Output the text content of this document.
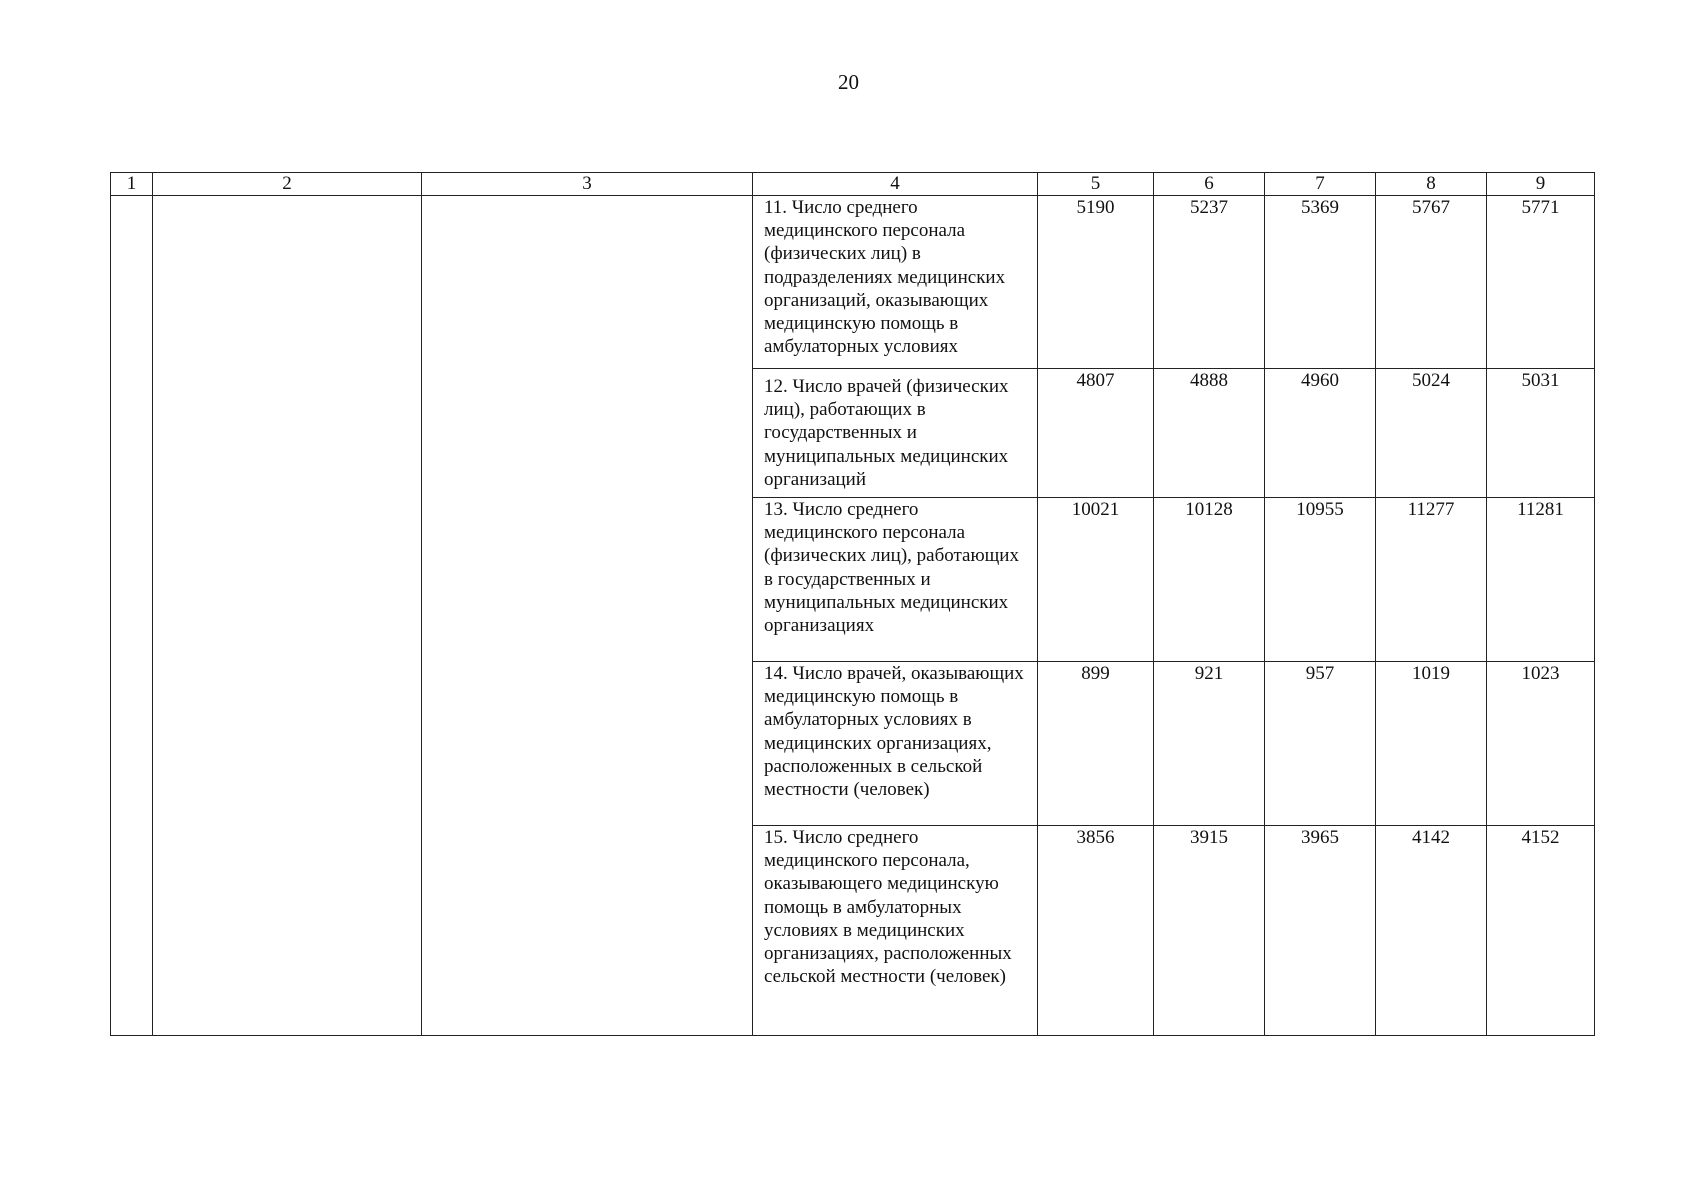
20
1	2	3	4	5	6	7	8	9

			11. Число среднего медицинского персонала (физических лиц) в подразделениях медицинских организаций, оказывающих медицинскую помощь в амбулаторных условиях	5190	5237	5369	5767	5771

			12. Число врачей (физических лиц), работающих в государственных и муниципальных медицинских организаций	4807	4888	4960	5024	5031

			13. Число среднего медицинского персонала (физических лиц), работающих в государственных и муниципальных медицинских организациях	10021	10128	10955	11277	11281

			14. Число врачей, оказывающих медицинскую помощь в амбулаторных условиях в медицинских организациях, расположенных в сельской местности (человек)	899	921	957	1019	1023

			15. Число среднего медицинского персонала, оказывающего медицинскую помощь в амбулаторных условиях в медицинских организациях, расположенных сельской местности (человек)	3856	3915	3965	4142	4152
